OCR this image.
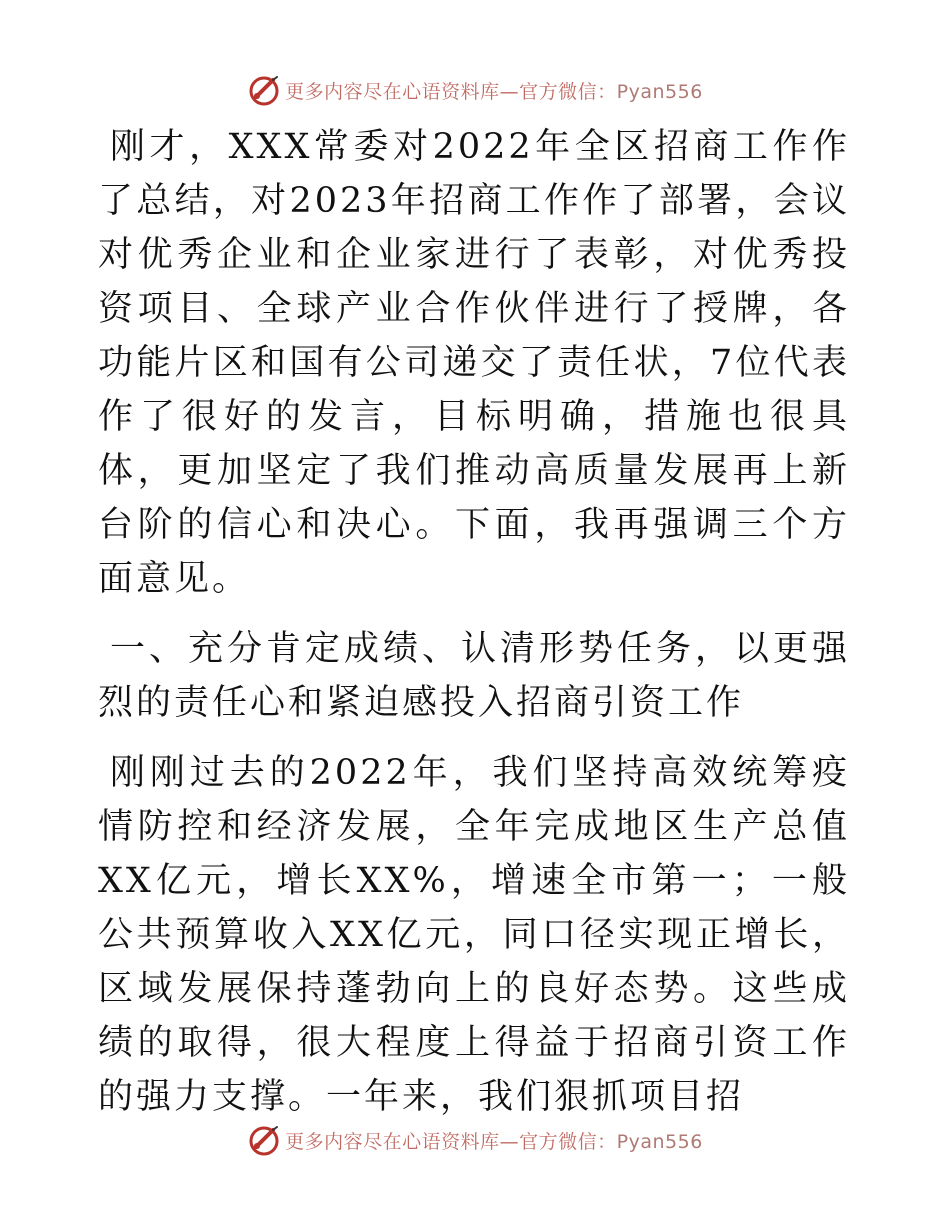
更多内容尽在心语资料库—官方微信：Pyan556

刚才，XXX常委对2022年全区招商工作作了总结，对2023年招商工作作了部署，会议对优秀企业和企业家进行了表彰，对优秀投资项目、全球产业合作伙伴进行了授牌，各功能片区和国有公司递交了责任状，7位代表作了很好的发言，目标明确，措施也很具体，更加坚定了我们推动高质量发展再上新台阶的信心和决心。下面，我再强调三个方面意见。

一、充分肯定成绩、认清形势任务，以更强烈的责任心和紧迫感投入招商引资工作

刚刚过去的2022年，我们坚持高效统筹疫情防控和经济发展，全年完成地区生产总值XX亿元，增长XX%，增速全市第一；一般公共预算收入XX亿元，同口径实现正增长，区域发展保持蓬勃向上的良好态势。这些成绩的取得，很大程度上得益于招商引资工作的强力支撑。一年来，我们狠抓项目招

更多内容尽在心语资料库—官方微信：Pyan556
